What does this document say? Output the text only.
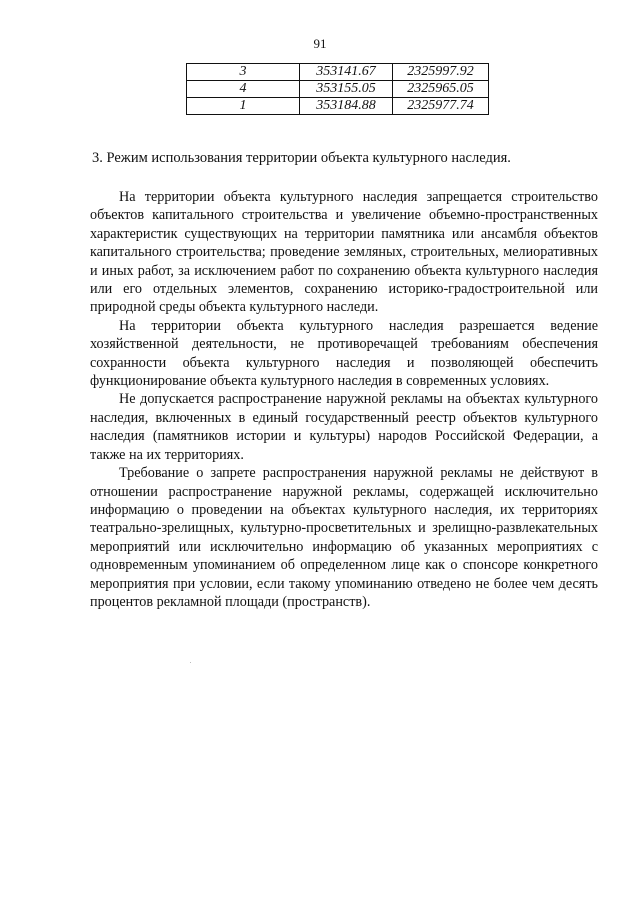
91
3	353141.67	2325997.92
4	353155.05	2325965.05
1	353184.88	2325977.74
3. Режим использования территории объекта культурного наследия.

На территории объекта культурного наследия запрещается строительство объектов капитального строительства и увеличение объемно-пространственных характеристик существующих на территории памятника или ансамбля объектов капитального строительства; проведение земляных, строительных, мелиоративных и иных работ, за исключением работ по сохранению объекта культурного наследия или его отдельных элементов, сохранению историко-градостроительной или природной среды объекта культурного наследи.

На территории объекта культурного наследия разрешается ведение хозяйственной деятельности, не противоречащей требованиям обеспечения сохранности объекта культурного наследия и позволяющей обеспечить функционирование объекта культурного наследия в современных условиях.

Не допускается распространение наружной рекламы на объектах культурного наследия, включенных в единый государственный реестр объектов культурного наследия (памятников истории и культуры) народов Российской Федерации, а также на их территориях.

Требование о запрете распространения наружной рекламы не действуют в отношении распространение наружной рекламы, содержащей исключительно информацию о проведении на объектах культурного наследия, их территориях театрально-зрелищных, культурно-просветительных и зрелищно-развлекательных мероприятий или исключительно информацию об указанных мероприятиях с одновременным упоминанием об определенном лице как о спонсоре конкретного мероприятия при условии, если такому упоминанию отведено не более чем десять процентов рекламной площади (пространств).
